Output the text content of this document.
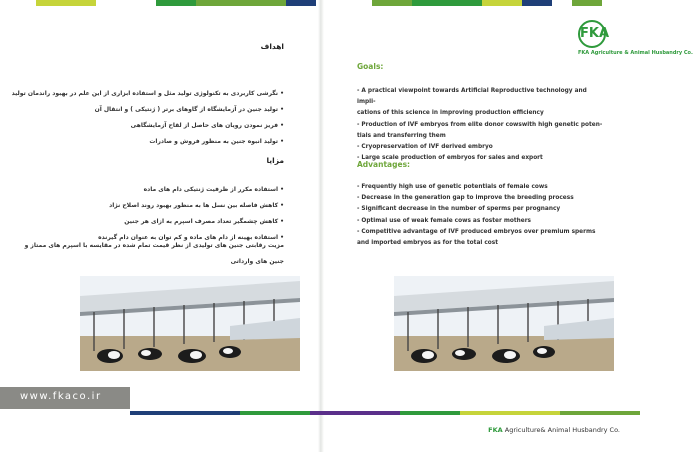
FKA
FKA Agriculture & Animal Husbandry Co.
اهداف
• نگرشی کاربردی به تکنولوژی تولید مثل و استفاده ابزاری از این علم در بهبود راندمان تولید
• تولید جنین در آزمایشگاه از گاوهای برتر ( ژنتیکی ) و انتقال آن
• فریز نمودن رویان های حاصل از لقاح آزمایشگاهی
• تولید انبوه جنین به منظور فروش و صادرات
مزایا
• استفاده مکرر از ظرفیت ژنتیکی دام های ماده
• کاهش فاصله بین نسل ها به منظور بهبود روند اصلاح نژاد
• کاهش چشمگیر تعداد مصرف اسپرم به ازای هر جنین
• استفاده بهینه از دام های ماده و کم توان به عنوان دام گیرنده
مزیت رقابتی جنین های تولیدی از نظر قیمت تمام شده در مقایسه با اسپرم های ممتاز و جنین های وارداتی
Goals:
- A practical viewpoint towards Artificial Reproductive technology and impli-
cations of this science in improving production efficiency
- Production of IVF embryos from elite donor cowswith high genetic poten-
tials and transferring them
- Cryopreservation of IVF derived embryo
- Large scale production of embryos for sales and export
Advantages:
- Frequently high use of genetic potentials of female cows
- Decrease in the generation gap to improve the breeding process
- Significant decrease in the number of sperms per prognancy
- Optimal use of weak female cows as foster mothers
- Competitive advantage of IVF produced embryos over premium sperms
and imported embryos as for the total cost
www.fkaco.ir
FKA Agriculture& Animal Husbandry Co.
